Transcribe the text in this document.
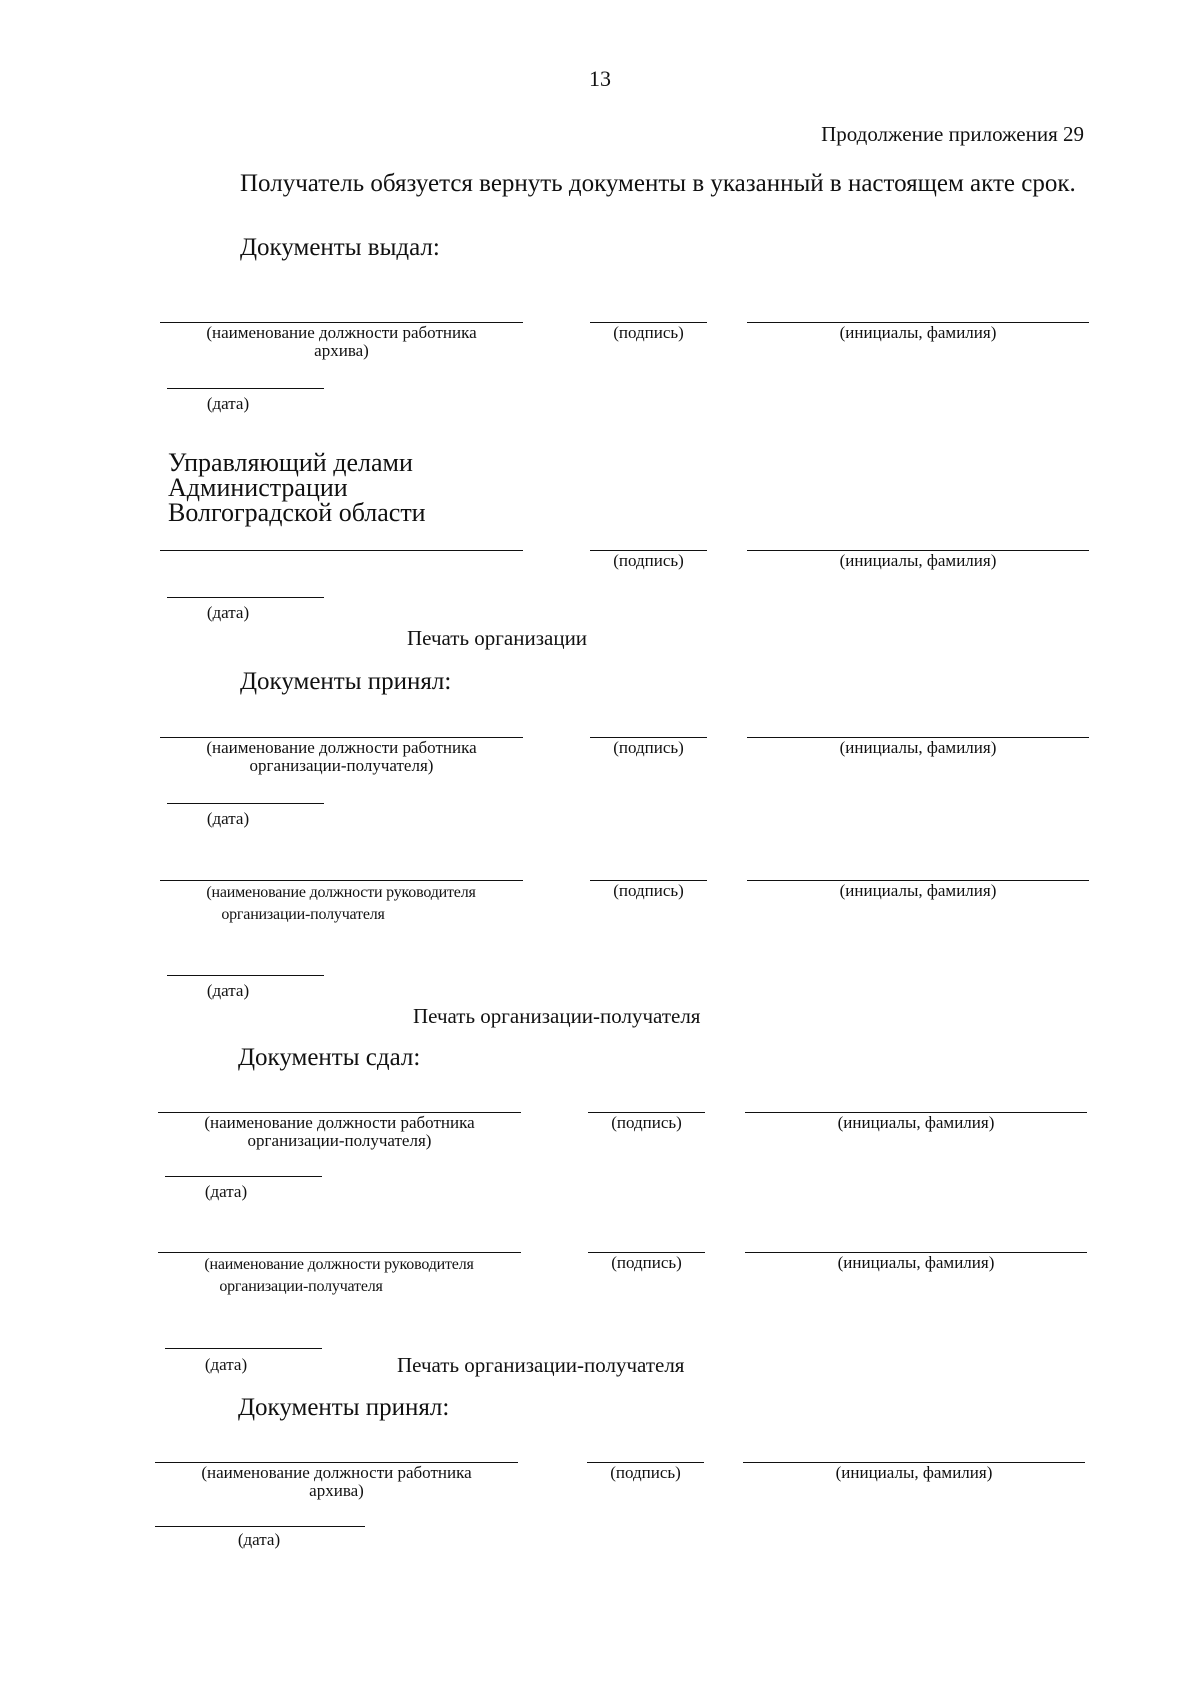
13
Продолжение приложения 29
Получатель обязуется вернуть документы в указанный в настоящем акте срок.
Документы выдал:
(наименование должности работника
архива)
(подпись)	(инициалы, фамилия)
(дата)
Управляющий делами
Администрации
Волгоградской области
(подпись)	(инициалы, фамилия)
(дата)
Печать организации
Документы принял:
(наименование должности работника
организации-получателя)
(подпись)	(инициалы, фамилия)
(дата)
(наименование должности руководителя
организации-получателя
(подпись)	(инициалы, фамилия)
(дата)
Печать организации-получателя
Документы сдал:
(наименование должности работника
организации-получателя)
(подпись)	(инициалы, фамилия)
(дата)
(наименование должности руководителя
организации-получателя
(подпись)	(инициалы, фамилия)
(дата)	Печать организации-получателя
Документы принял:
(наименование должности работника
архива)
(подпись)	(инициалы, фамилия)
(дата)
